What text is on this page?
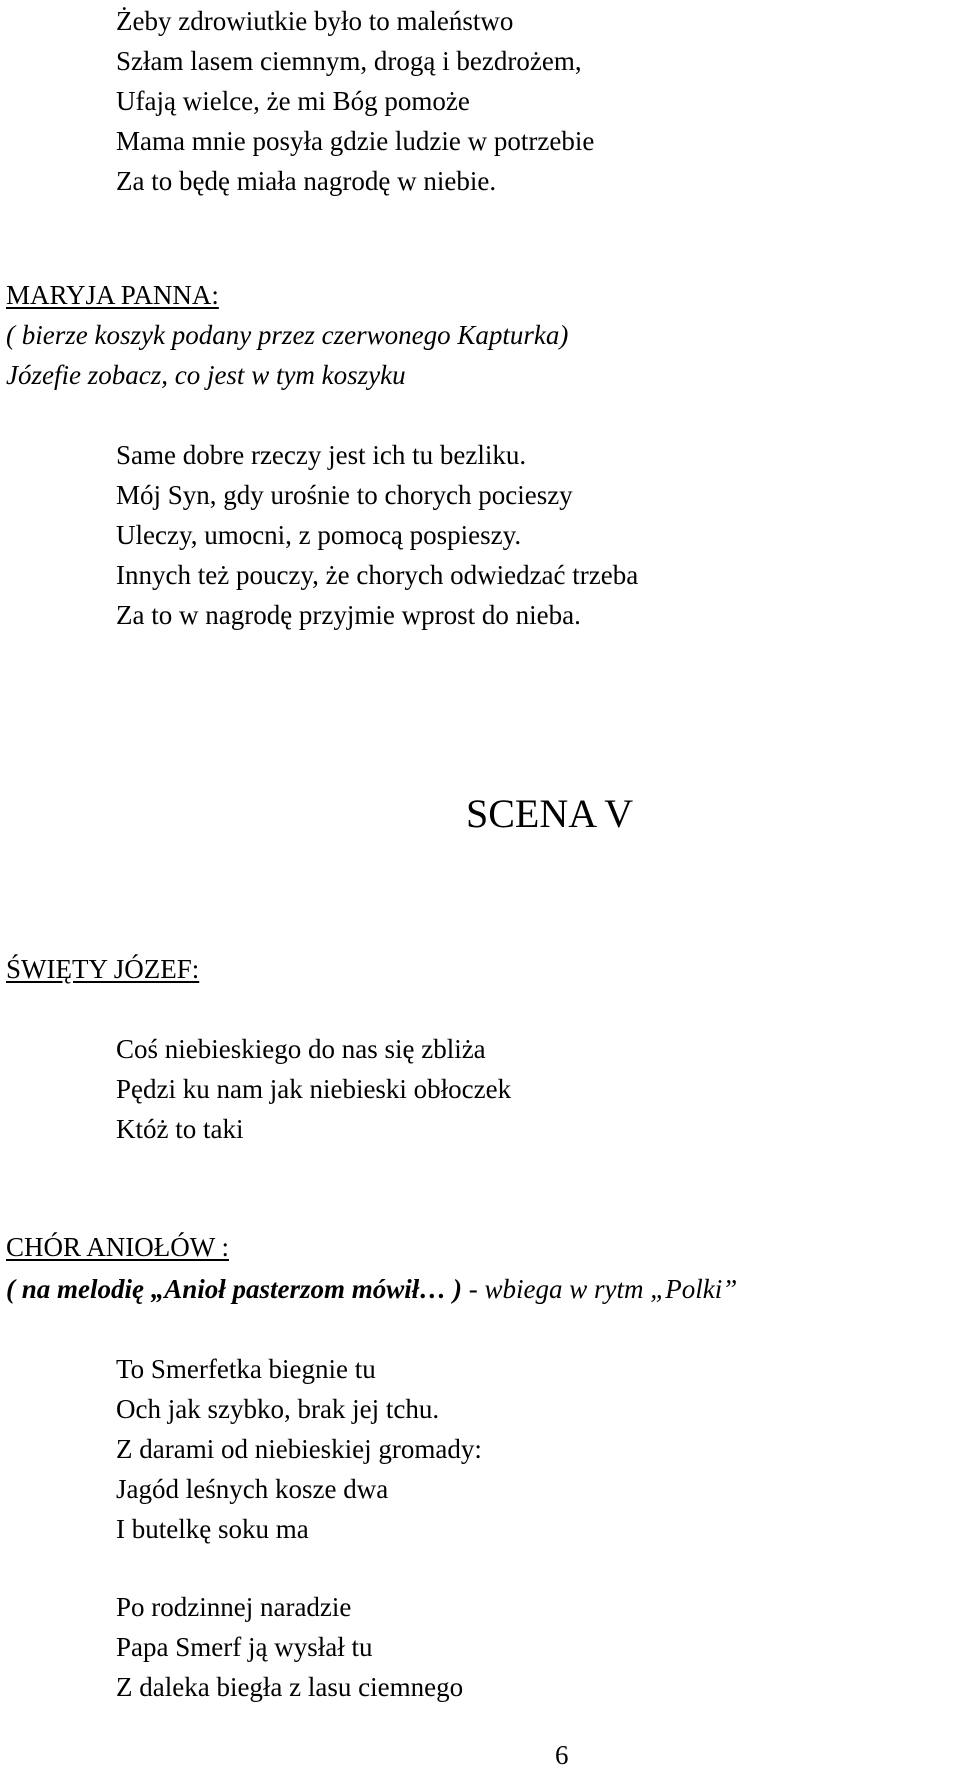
Żeby zdrowiutkie było to maleństwo
Szłam lasem ciemnym, drogą i bezdrożem,
Ufają wielce, że mi Bóg pomoże
Mama mnie posyła gdzie ludzie w potrzebie
Za to będę miała nagrodę w niebie.
MARYJA PANNA:
( bierze koszyk podany przez czerwonego Kapturka)
Józefie zobacz, co jest w tym koszyku
Same dobre rzeczy jest ich tu bezliku.
Mój Syn, gdy urośnie to chorych pocieszy
Uleczy, umocni, z pomocą pospieszy.
Innych też pouczy, że chorych odwiedzać trzeba
Za to w nagrodę przyjmie wprost do nieba.
SCENA V
ŚWIĘTY JÓZEF:
Coś niebieskiego do nas się zbliża
Pędzi ku nam jak niebieski obłoczek
Któż to taki
CHÓR ANIOŁÓW :
( na melodię „Anioł pasterzom mówił… ) - wbiega w rytm „Polki”
To Smerfetka biegnie tu
Och jak szybko, brak jej tchu.
Z darami od niebieskiej gromady:
Jagód leśnych kosze dwa
I butelkę soku ma
Po rodzinnej naradzie
Papa Smerf ją wysłał tu
Z daleka biegła z lasu ciemnego
6
